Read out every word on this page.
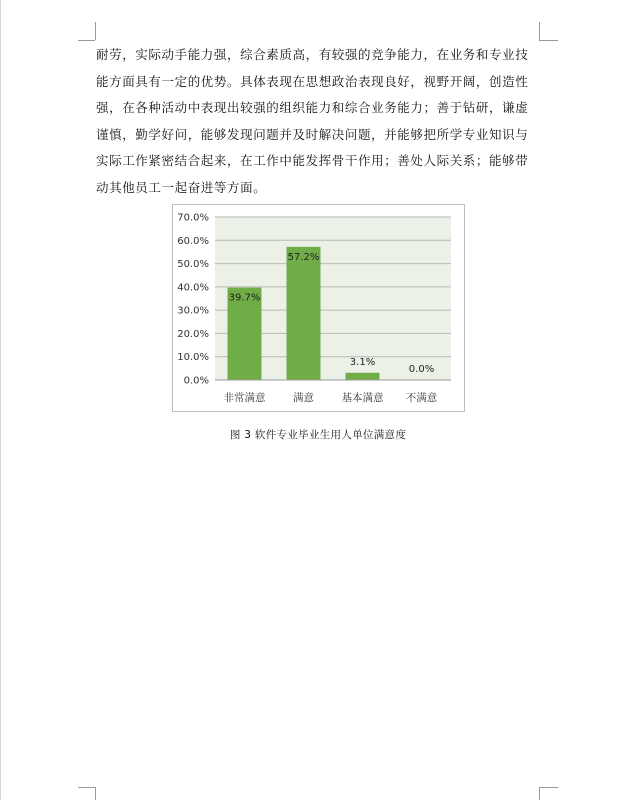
耐劳，实际动手能力强，综合素质高，有较强的竞争能力，在业务和专业技能方面具有一定的优势。具体表现在思想政治表现良好，视野开阔，创造性强，在各种活动中表现出较强的组织能力和综合业务能力；善于钻研，谦虚谨慎，勤学好问，能够发现问题并及时解决问题，并能够把所学专业知识与实际工作紧密结合起来，在工作中能发挥骨干作用；善处人际关系；能够带动其他员工一起奋进等方面。

0.0%
10.0%
20.0%
30.0%
40.0%
50.0%
60.0%
70.0%
39.7%
非常满意
57.2%
满意
3.1%
基本满意
0.0%
不满意
图 3 软件专业毕业生用人单位满意度
